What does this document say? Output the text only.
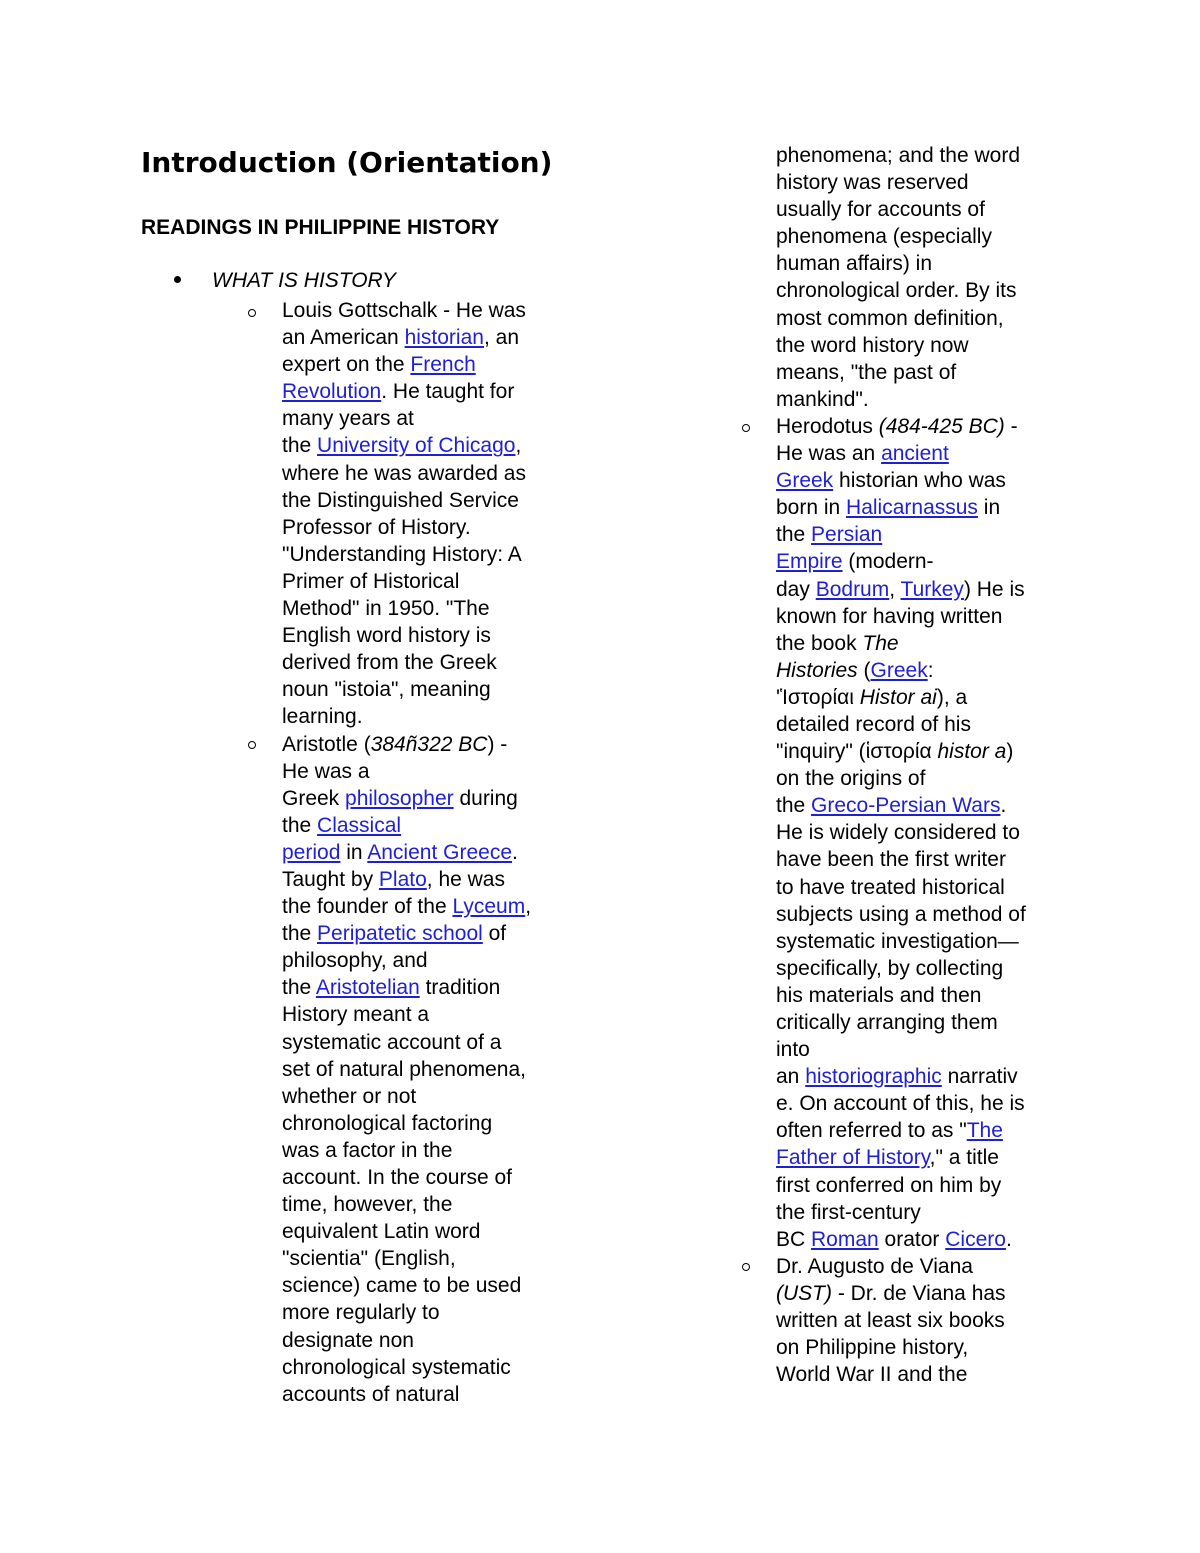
Introduction (Orientation)
READINGS IN PHILIPPINE HISTORY
WHAT IS HISTORY
Louis Gottschalk - He was
an American historian, an
expert on the French
Revolution. He taught for
many years at
the University of Chicago,
where he was awarded as
the Distinguished Service
Professor of History.
"Understanding History: A
Primer of Historical
Method" in 1950. "The
English word history is
derived from the Greek
noun "istoia", meaning
learning.
Aristotle (384ñ322 BC) -
He was a
Greek philosopher during
the Classical
period in Ancient Greece.
Taught by Plato, he was
the founder of the Lyceum,
the Peripatetic school of
philosophy, and
the Aristotelian tradition
History meant a
systematic account of a
set of natural phenomena,
whether or not
chronological factoring
was a factor in the
account. In the course of
time, however, the
equivalent Latin word
"scientia" (English,
science) came to be used
more regularly to
designate non
chronological systematic
accounts of natural
phenomena; and the word
history was reserved
usually for accounts of
phenomena (especially
human affairs) in
chronological order. By its
most common definition,
the word history now
means, "the past of
mankind".
Herodotus (484-425 BC) -
He was an ancient
Greek historian who was
born in Halicarnassus in
the Persian
Empire (modern-
day Bodrum, Turkey) He is
known for having written
the book The
Histories (Greek:
'Ἱστορίαι Histor ai), a
detailed record of his
"inquiry" (ἱστορία histor a)
on the origins of
the Greco-Persian Wars.
He is widely considered to
have been the first writer
to have treated historical
subjects using a method of
systematic investigation—
specifically, by collecting
his materials and then
critically arranging them
into
an historiographic narrativ
e. On account of this, he is
often referred to as "The
Father of History," a title
first conferred on him by
the first-century
BC Roman orator Cicero.
Dr. Augusto de Viana
(UST) - Dr. de Viana has
written at least six books
on Philippine history,
World War II and the
